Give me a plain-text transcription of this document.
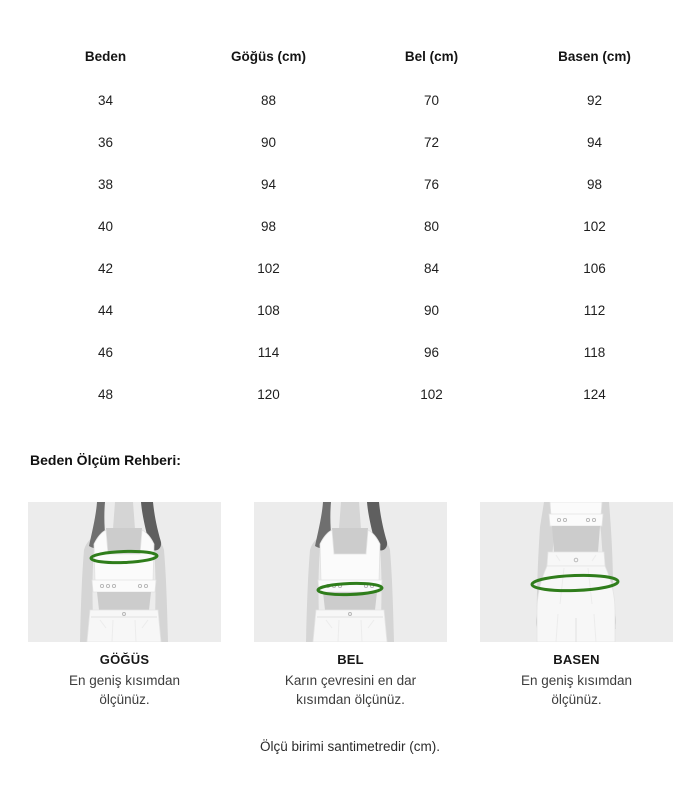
Beden	Göğüs (cm)	Bel (cm)	Basen (cm)
34	88	70	92
36	90	72	94
38	94	76	98
40	98	80	102
42	102	84	106
44	108	90	112
46	114	96	118
48	120	102	124
Beden Ölçüm Rehberi:
GÖĞÜS
En geniş kısımdan ölçünüz.
BEL
Karın çevresini en dar kısımdan ölçünüz.
BASEN
En geniş kısımdan ölçünüz.
Ölçü birimi santimetredir (cm).
